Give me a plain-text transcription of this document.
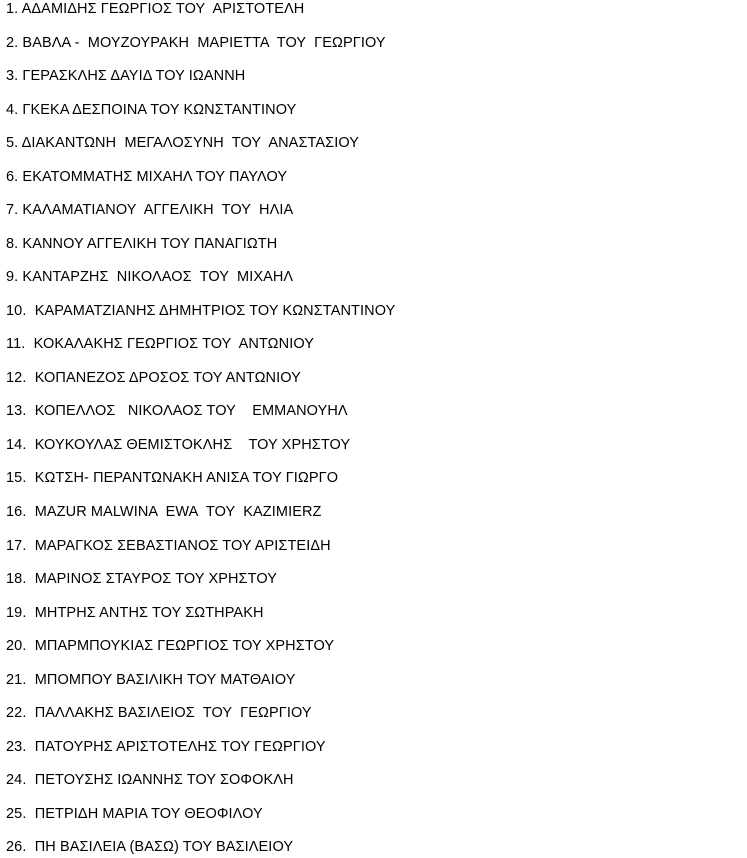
1. ΑΔΑΜΙΔΗΣ ΓΕΩΡΓΙΟΣ ΤΟΥ  ΑΡΙΣΤΟΤΕΛΗ
2. ΒΑΒΛΑ -  ΜΟΥΖΟΥΡΑΚΗ  ΜΑΡΙΕΤΤΑ  ΤΟΥ  ΓΕΩΡΓΙΟΥ
3. ΓΕΡΑΣΚΛΗΣ ΔΑΥΙΔ ΤΟΥ ΙΩΑΝΝΗ
4. ΓΚΕΚΑ ΔΕΣΠΟΙΝΑ ΤΟΥ ΚΩΝΣΤΑΝΤΙΝΟΥ
5. ΔΙΑΚΑΝΤΩΝΗ  ΜΕΓΑΛΟΣΥΝΗ  ΤΟΥ  ΑΝΑΣΤΑΣΙΟΥ
6. ΕΚΑΤΟΜΜΑΤΗΣ ΜΙΧΑΗΛ ΤΟΥ ΠΑΥΛΟΥ
7. ΚΑΛΑΜΑΤΙΑΝΟΥ  ΑΓΓΕΛΙΚΗ  ΤΟΥ  ΗΛΙΑ
8. ΚΑΝΝΟΥ ΑΓΓΕΛΙΚΗ ΤΟΥ ΠΑΝΑΓΙΩΤΗ
9. ΚΑΝΤΑΡΖΗΣ  ΝΙΚΟΛΑΟΣ  ΤΟΥ  ΜΙΧΑΗΛ
10.  ΚΑΡΑΜΑΤΖΙΑΝΗΣ ΔΗΜΗΤΡΙΟΣ ΤΟΥ ΚΩΝΣΤΑΝΤΙΝΟΥ
11.  ΚΟΚΑΛΑΚΗΣ ΓΕΩΡΓΙΟΣ ΤΟΥ  ΑΝΤΩΝΙΟΥ
12.  ΚΟΠΑΝΕΖΟΣ ΔΡΟΣΟΣ ΤΟΥ ΑΝΤΩΝΙΟΥ
13.  ΚΟΠΕΛΛΟΣ   ΝΙΚΟΛΑΟΣ ΤΟΥ    ΕΜΜΑΝΟΥΗΛ
14.  ΚΟΥΚΟΥΛΑΣ ΘΕΜΙΣΤΟΚΛΗΣ    ΤΟΥ ΧΡΗΣΤΟΥ
15.  ΚΩΤΣΗ- ΠΕΡΑΝΤΩΝΑΚΗ ΑΝΙΣΑ ΤΟΥ ΓΙΩΡΓΟ
16.  MAZUR MALWINA  EWA  ΤΟΥ  KAZIMIERZ
17.  ΜΑΡΑΓΚΟΣ ΣΕΒΑΣΤΙΑΝΟΣ ΤΟΥ ΑΡΙΣΤΕΙΔΗ
18.  ΜΑΡΙΝΟΣ ΣΤΑΥΡΟΣ ΤΟΥ ΧΡΗΣΤΟΥ
19.  ΜΗΤΡΗΣ ΑΝΤΗΣ ΤΟΥ ΣΩΤΗΡΑΚΗ
20.  ΜΠΑΡΜΠΟΥΚΙΑΣ ΓΕΩΡΓΙΟΣ ΤΟΥ ΧΡΗΣΤΟΥ
21.  ΜΠΟΜΠΟΥ ΒΑΣΙΛΙΚΗ ΤΟΥ ΜΑΤΘΑΙΟΥ
22.  ΠΑΛΛΑΚΗΣ ΒΑΣΙΛΕΙΟΣ  ΤΟΥ  ΓΕΩΡΓΙΟΥ
23.  ΠΑΤΟΥΡΗΣ ΑΡΙΣΤΟΤΕΛΗΣ ΤΟΥ ΓΕΩΡΓΙΟΥ
24.  ΠΕΤΟΥΣΗΣ ΙΩΑΝΝΗΣ ΤΟΥ ΣΟΦΟΚΛΗ
25.  ΠΕΤΡΙΔΗ ΜΑΡΙΑ ΤΟΥ ΘΕΟΦΙΛΟΥ
26.  ΠΗ ΒΑΣΙΛΕΙΑ (ΒΑΣΩ) ΤΟΥ ΒΑΣΙΛΕΙΟΥ
